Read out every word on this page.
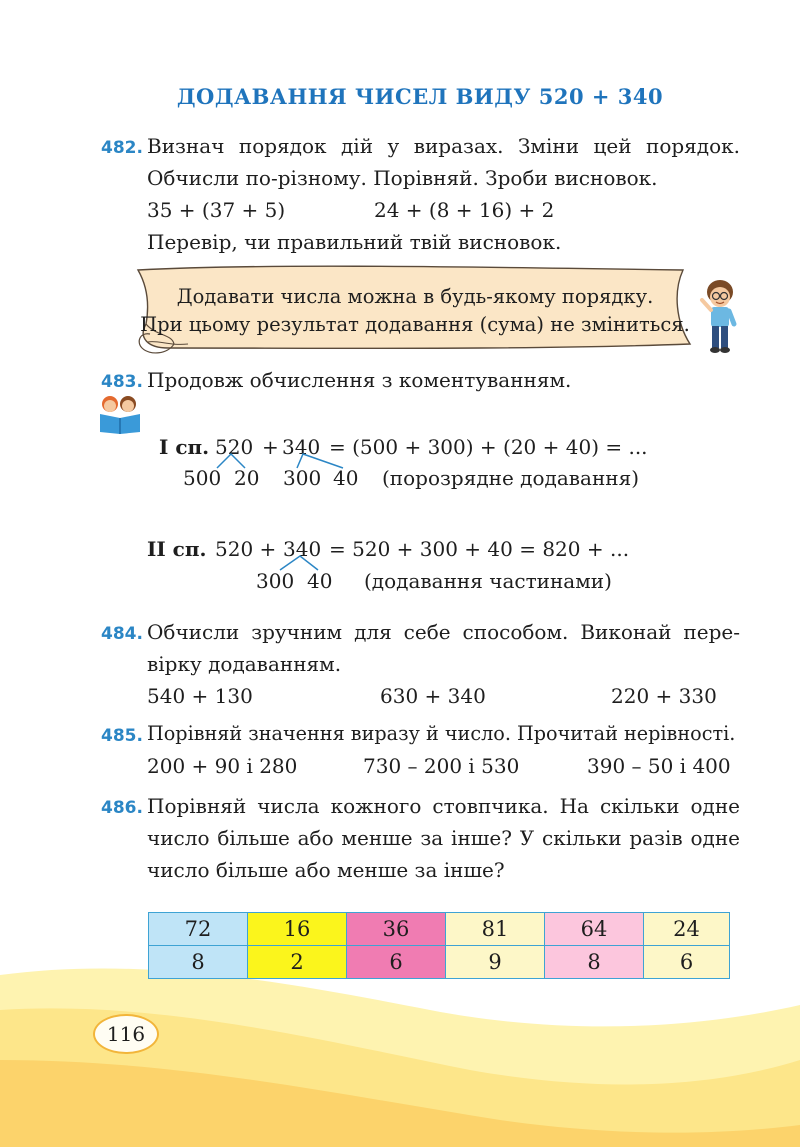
ДОДАВАННЯ ЧИСЕЛ ВИДУ 520 + 340
482. Визнач порядок дій у виразах. Зміни цей порядок.
Обчисли по-різному. Порівняй. Зроби висновок.
35 + (37 + 5)	24 + (8 + 16) + 2
Перевір, чи правильний твій висновок.
Додавати числа можна в будь-якому порядку.
При цьому результат додавання (сума) не зміниться.
483. Продовж обчислення з коментуванням.
І сп. 520 + 340 = (500 + 300) + (20 + 40) = ...
500 20 300 40 (порозрядне додавання)
ІІ сп. 520 + 340 = 520 + 300 + 40 = 820 + ...
300 40 (додавання частинами)
484. Обчисли зручним для себе способом. Виконай пере-
вірку додаванням.
540 + 130	630 + 340	220 + 330
485. Порівняй значення виразу й число. Прочитай нерівності.
200 + 90 і 280	730 – 200 і 530	390 – 50 і 400
486. Порівняй числа кожного стовпчика. На скільки одне
число більше або менше за інше? У скільки разів одне
число більше або менше за інше?
72	16	36	81	64	24
8	2	6	9	8	6
116
